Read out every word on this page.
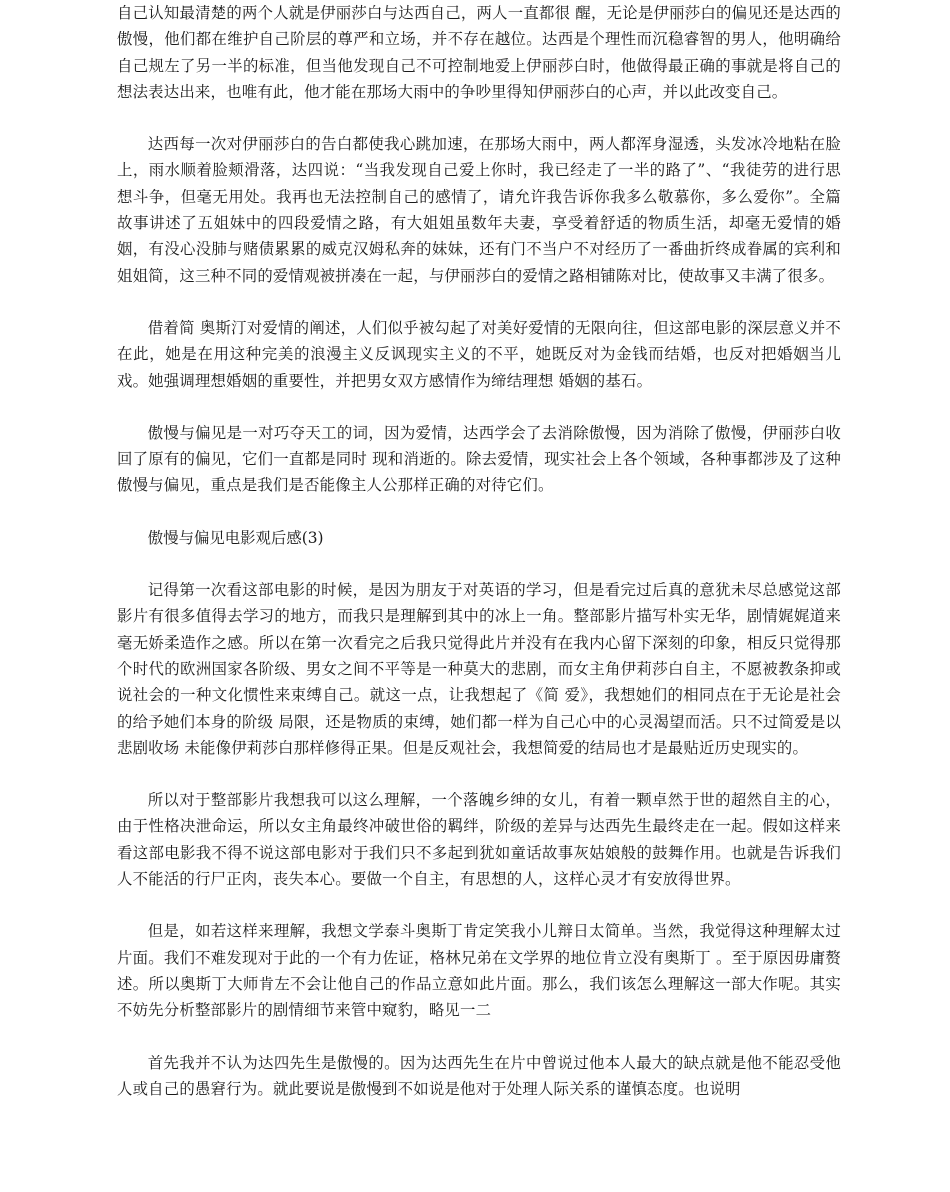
自己认知最清楚的两个人就是伊丽莎白与达西自己，两人一直都很 醒，无论是伊丽莎白的偏见还是达西的傲慢，他们都在维护自己阶层的尊严和立场，并不存在越位。达西是个理性而沉稳睿智的男人，他明确给自己规左了另一半的标准，但当他发现自己不可控制地爱上伊丽莎白时，他做得最正确的事就是将自己的想法表达出来，也唯有此，他才能在那场大雨中的争吵里得知伊丽莎白的心声，并以此改变自己。

达西每一次对伊丽莎白的告白都使我心跳加速，在那场大雨中，两人都浑身湿透，头发冰冷地粘在脸上，雨水顺着脸颊滑落，达四说：“当我发现自己爱上你时，我已经走了一半的路了”、“我徒劳的进行思想斗争，但毫无用处。我再也无法控制自己的感情了，请允许我告诉你我多么敬慕你，多么爱你”。全篇故事讲述了五姐妹中的四段爱情之路，有大姐姐虽数年夫妻，享受着舒适的物质生活，却毫无爱情的婚姻，有没心没肺与赌债累累的威克汉姆私奔的妹妹，还有门不当户不对经历了一番曲折终成眷属的宾利和姐姐简，这三种不同的爱情观被拼凑在一起，与伊丽莎白的爱情之路相铺陈对比，使故事又丰满了很多。

借着简 奥斯汀对爱情的阐述，人们似乎被勾起了对美好爱情的无限向往，但这部电影的深层意义并不在此，她是在用这种完美的浪漫主义反讽现实主义的不平，她既反对为金钱而结婚，也反对把婚姻当儿戏。她强调理想婚姻的重要性，并把男女双方感情作为缔结理想 婚姻的基石。

傲慢与偏见是一对巧夺天工的词，因为爱情，达西学会了去消除傲慢，因为消除了傲慢，伊丽莎白收回了原有的偏见，它们一直都是同时 现和消逝的。除去爱情，现实社会上各个领域，各种事都涉及了这种傲慢与偏见，重点是我们是否能像主人公那样正确的对待它们。

傲慢与偏见电影观后感(3)

记得第一次看这部电影的时候，是因为朋友于对英语的学习，但是看完过后真的意犹未尽总感觉这部影片有很多值得去学习的地方，而我只是理解到其中的冰上一角。整部影片描写朴实无华，剧情娓娓道来毫无娇柔造作之感。所以在第一次看完之后我只觉得此片并没有在我内心留下深刻的印象，相反只觉得那个时代的欧洲国家各阶级、男女之间不平等是一种莫大的悲剧，而女主角伊莉莎白自主，不愿被教条抑或说社会的一种文化惯性来束缚自己。就这一点，让我想起了《简 爱》，我想她们的相同点在于无论是社会的给予她们本身的阶级 局限，还是物质的束缚，她们都一样为自己心中的心灵渴望而活。只不过简爱是以悲剧收场 未能像伊莉莎白那样修得正果。但是反观社会，我想简爱的结局也才是最贴近历史现实的。

所以对于整部影片我想我可以这么理解，一个落魄乡绅的女儿，有着一颗卓然于世的超然自主的心，由于性格决泄命运，所以女主角最终冲破世俗的羁绊，阶级的差异与达西先生最终走在一起。假如这样来看这部电影我不得不说这部电影对于我们只不多起到犹如童话故事灰姑娘般的鼓舞作用。也就是告诉我们人不能活的行尸正肉，丧失本心。要做一个自主，有思想的人，这样心灵才有安放得世界。

但是，如若这样来理解，我想文学泰斗奥斯丁肯定笑我小儿辩日太简单。当然，我觉得这种理解太过片面。我们不难发现对于此的一个有力佐证，格林兄弟在文学界的地位肯立没有奥斯丁 。至于原因毋庸赘述。所以奥斯丁大师肯左不会让他自己的作品立意如此片面。那么，我们该怎么理解这一部大作呢。其实不妨先分析整部影片的剧情细节来管中窥豹，略见一二

首先我并不认为达四先生是傲慢的。因为达西先生在片中曾说过他本人最大的缺点就是他不能忍受他人或自己的愚窘行为。就此要说是傲慢到不如说是他对于处理人际关系的谨慎态度。也说明
